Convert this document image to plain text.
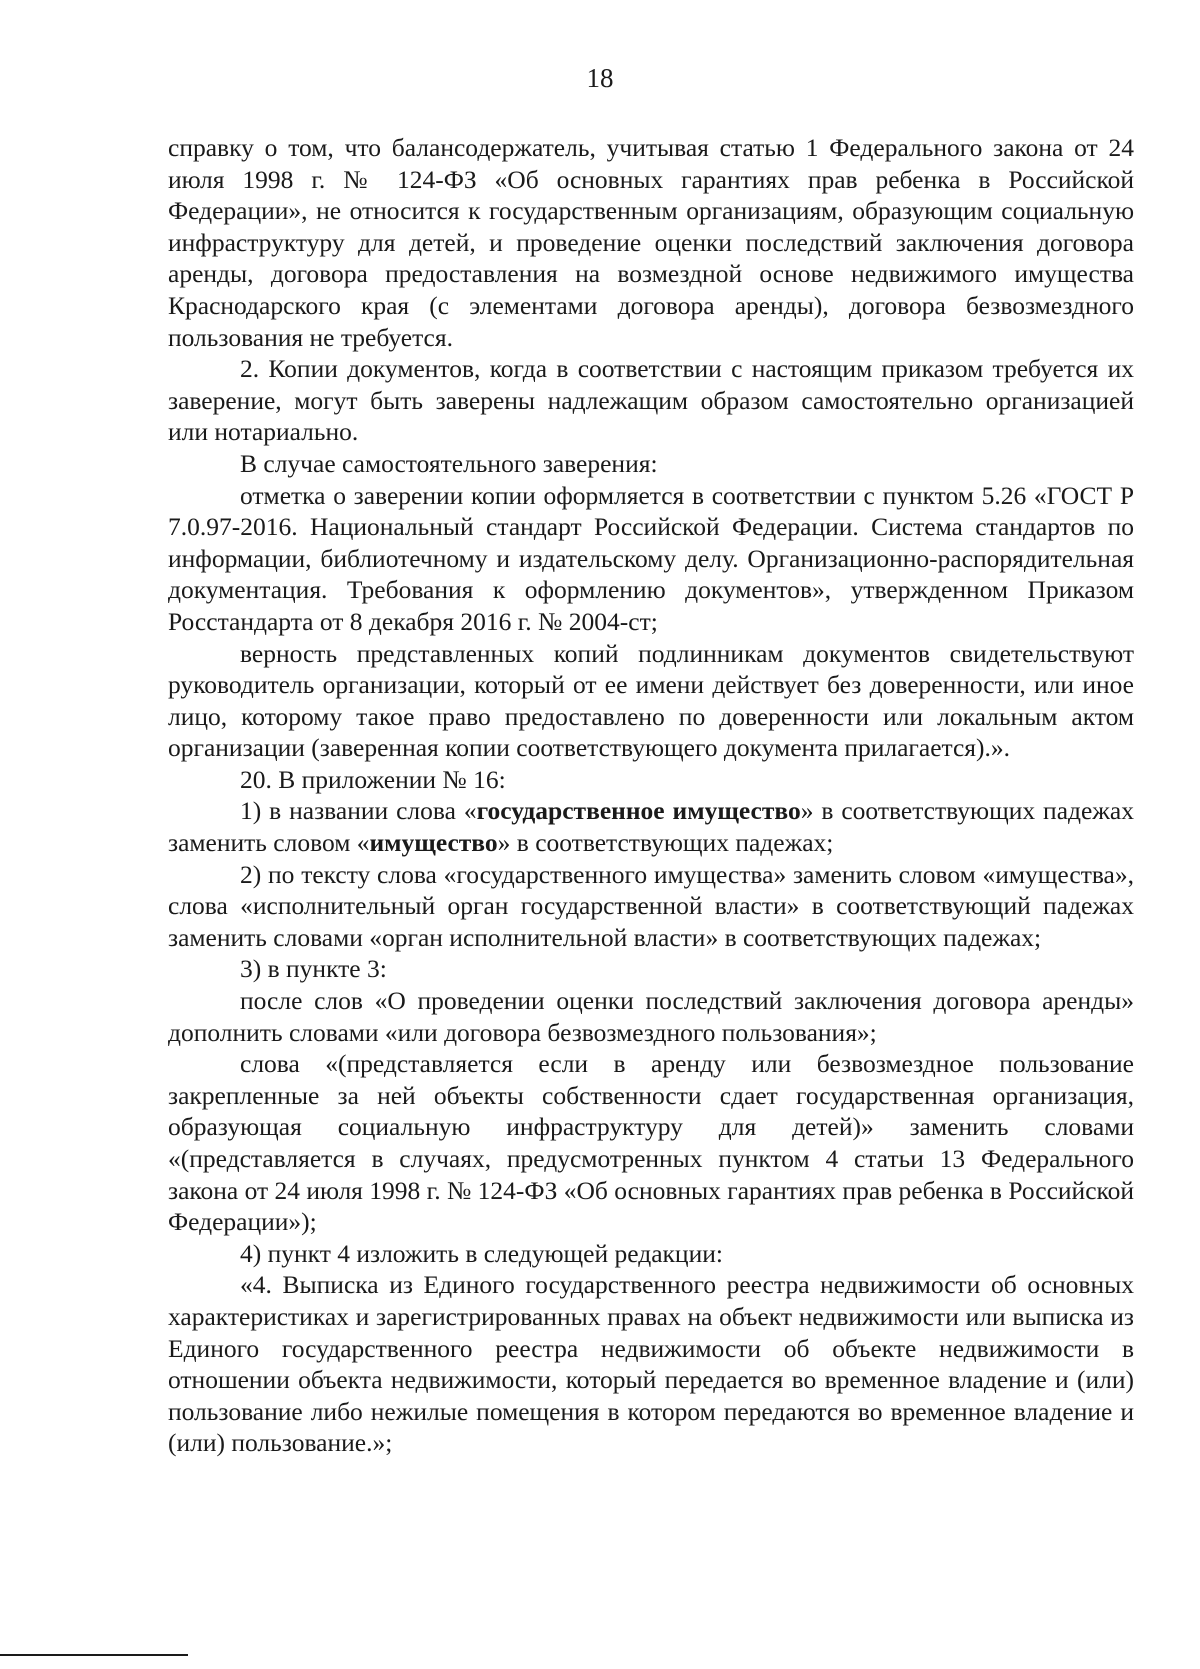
18

справку о том, что балансодержатель, учитывая статью 1 Федерального закона от 24 июля 1998 г. № 124-ФЗ «Об основных гарантиях прав ребенка в Российской Федерации», не относится к государственным организациям, образующим социальную инфраструктуру для детей, и проведение оценки последствий заключения договора аренды, договора предоставления на возмездной основе недвижимого имущества Краснодарского края (с элементами договора аренды), договора безвозмездного пользования не требуется.

2. Копии документов, когда в соответствии с настоящим приказом требуется их заверение, могут быть заверены надлежащим образом самостоятельно организацией или нотариально.

В случае самостоятельного заверения:

отметка о заверении копии оформляется в соответствии с пунктом 5.26 «ГОСТ Р 7.0.97-2016. Национальный стандарт Российской Федерации. Система стандартов по информации, библиотечному и издательскому делу. Организационно-распорядительная документация. Требования к оформлению документов», утвержденном Приказом Росстандарта от 8 декабря 2016 г. № 2004-ст;

верность представленных копий подлинникам документов свидетельствуют руководитель организации, который от ее имени действует без доверенности, или иное лицо, которому такое право предоставлено по доверенности или локальным актом организации (заверенная копии соответствующего документа прилагается).».

20. В приложении № 16:

1) в названии слова «государственное имущество» в соответствующих падежах заменить словом «имущество» в соответствующих падежах;

2) по тексту слова «государственного имущества» заменить словом «имущества», слова «исполнительный орган государственной власти» в соответствующий падежах заменить словами «орган исполнительной власти» в соответствующих падежах;

3) в пункте 3:

после слов «О проведении оценки последствий заключения договора аренды» дополнить словами «или договора безвозмездного пользования»;

слова «(представляется если в аренду или безвозмездное пользование закрепленные за ней объекты собственности сдает государственная организация, образующая социальную инфраструктуру для детей)» заменить словами «(представляется в случаях, предусмотренных пунктом 4 статьи 13 Федерального закона от 24 июля 1998 г. № 124-ФЗ «Об основных гарантиях прав ребенка в Российской Федерации»);

4) пункт 4 изложить в следующей редакции:

«4. Выписка из Единого государственного реестра недвижимости об основных характеристиках и зарегистрированных правах на объект недвижимости или выписка из Единого государственного реестра недвижимости об объекте недвижимости в отношении объекта недвижимости, который передается во временное владение и (или) пользование либо нежилые помещения в котором передаются во временное владение и (или) пользование.»;
